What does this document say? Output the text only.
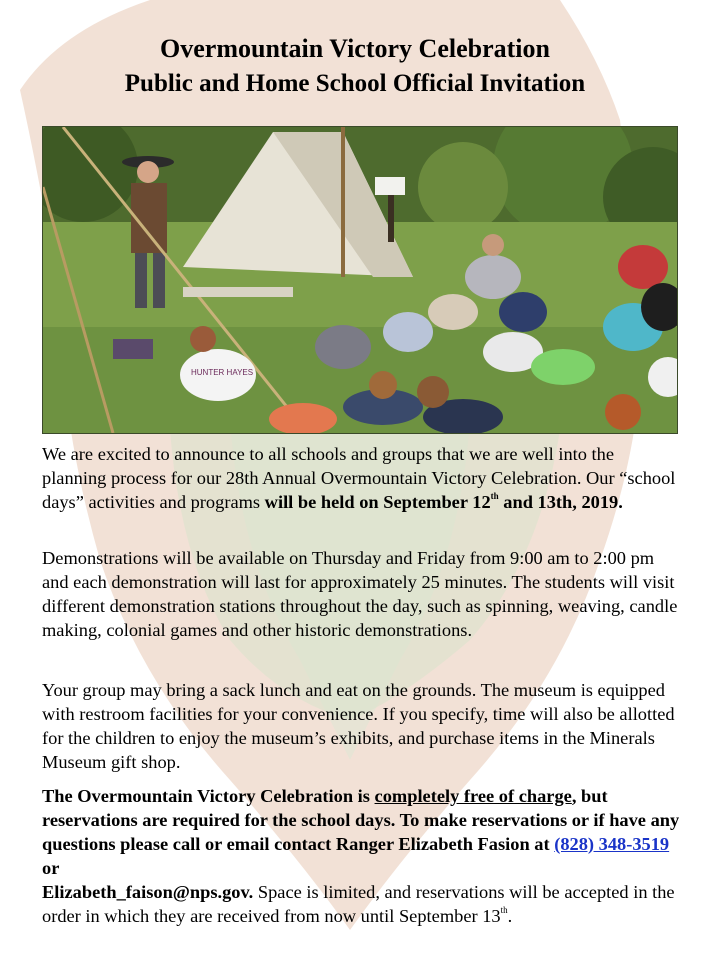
Overmountain Victory Celebration
Public and Home School Official Invitation
HUNTER HAYES

We are excited to announce to all schools and groups that we are well into the planning process for our 28th Annual Overmountain Victory Celebration. Our “school days” activities and programs will be held on September 12th and 13th, 2019.

Demonstrations will be available on Thursday and Friday from 9:00 am to 2:00 pm and each demonstration will last for approximately 25 minutes. The students will visit different demonstration stations throughout the day, such as spinning, weaving, candle making, colonial games and other historic demonstrations.

Your group may bring a sack lunch and eat on the grounds. The museum is equipped with restroom facilities for your convenience. If you specify, time will also be allotted for the children to enjoy the museum’s exhibits, and purchase items in the Minerals Museum gift shop.

The Overmountain Victory Celebration is completely free of charge, but reservations are required for the school days. To make reservations or if have any questions please call or email contact Ranger Elizabeth Fasion at (828) 348-3519 or
Elizabeth_faison@nps.gov. Space is limited, and reservations will be accepted in the order in which they are received from now until September 13th.
